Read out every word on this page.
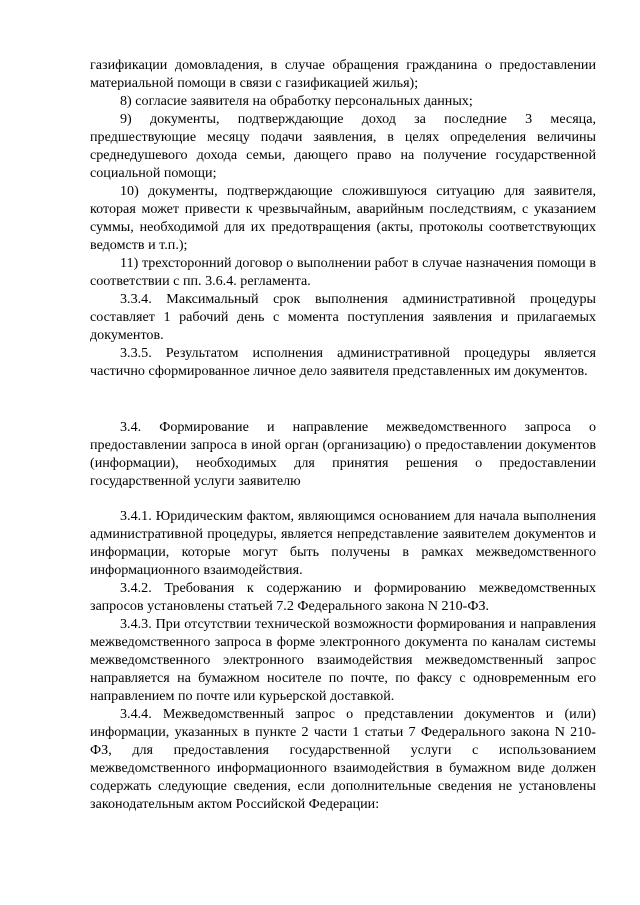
газификации домовладения, в случае обращения гражданина о предоставлении материальной помощи в связи с газификацией жилья);

8) согласие заявителя на обработку персональных данных;

9) документы, подтверждающие доход за последние 3 месяца, предшествующие месяцу подачи заявления, в целях определения величины среднедушевого дохода семьи, дающего право на получение государственной социальной помощи;

10) документы, подтверждающие сложившуюся ситуацию для заявителя, которая может привести к чрезвычайным, аварийным последствиям, с указанием суммы, необходимой для их предотвращения (акты, протоколы соответствующих ведомств и т.п.);

11) трехсторонний договор о выполнении работ в случае назначения помощи в соответствии с пп. 3.6.4. регламента.

3.3.4. Максимальный срок выполнения административной процедуры составляет 1 рабочий день с момента поступления заявления и прилагаемых документов.

3.3.5. Результатом исполнения административной процедуры является частично сформированное личное дело заявителя представленных им документов.

3.4. Формирование и направление межведомственного запроса о предоставлении запроса в иной орган (организацию) о предоставлении документов (информации), необходимых для принятия решения о предоставлении государственной услуги заявителю

3.4.1. Юридическим фактом, являющимся основанием для начала выполнения административной процедуры, является непредставление заявителем документов и информации, которые могут быть получены в рамках межведомственного информационного взаимодействия.

3.4.2. Требования к содержанию и формированию межведомственных запросов установлены статьей 7.2 Федерального закона N 210-ФЗ.

3.4.3. При отсутствии технической возможности формирования и направления межведомственного запроса в форме электронного документа по каналам системы межведомственного электронного взаимодействия межведомственный запрос направляется на бумажном носителе по почте, по факсу с одновременным его направлением по почте или курьерской доставкой.

3.4.4. Межведомственный запрос о представлении документов и (или) информации, указанных в пункте 2 части 1 статьи 7 Федерального закона N 210-ФЗ, для предоставления государственной услуги с использованием межведомственного информационного взаимодействия в бумажном виде должен содержать следующие сведения, если дополнительные сведения не установлены законодательным актом Российской Федерации:
